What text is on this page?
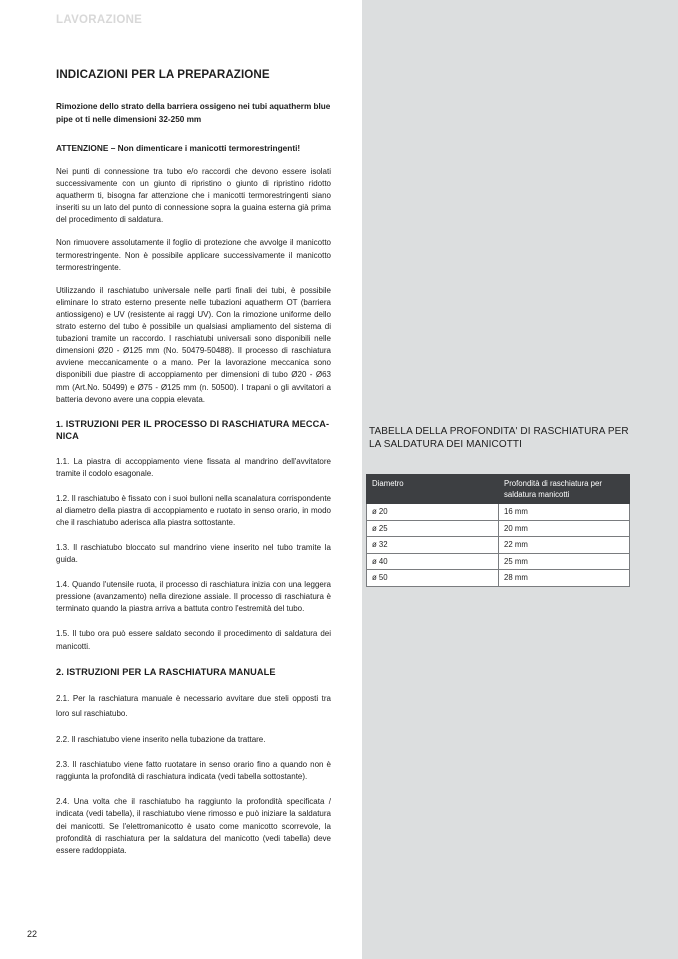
LAVORAZIONE
INDICAZIONI PER LA PREPARAZIONE

Rimozione dello strato della barriera ossigeno nei tubi aquatherm blue pipe ot ti nelle dimensioni 32-250 mm

ATTENZIONE – Non dimenticare i manicotti termorestringenti!

Nei punti di connessione tra tubo e/o raccordi che devono essere isolati successivamente con un giunto di ripristino o giunto di ripristino ridotto aquatherm ti, bisogna far attenzione che i manicotti termorestringenti siano inseriti su un lato del punto di connessione sopra la guaina esterna già prima del procedimento di saldatura.

Non rimuovere assolutamente il foglio di protezione che avvolge il manicotto termorestringente. Non è possibile applicare successivamente il manicotto termorestringente.

Utilizzando il raschiatubo universale nelle parti finali dei tubi, è possibile eliminare lo strato esterno presente nelle tubazioni aquatherm OT (barriera antiossigeno) e UV (resistente ai raggi UV). Con la rimozione uniforme dello strato esterno del tubo è possibile un qualsiasi ampliamento del sistema di tubazioni tramite un raccordo. I raschiatubi universali sono disponibili nelle dimensioni Ø20 - Ø125 mm (No. 50479-50488). Il processo di raschiatura avviene meccanicamente o a mano. Per la lavorazione meccanica sono disponibili due piastre di accoppiamento per dimensioni di tubo Ø20 - Ø63 mm (Art.No. 50499) e Ø75 - Ø125 mm (n. 50500). I trapani o gli avvitatori a batteria devono avere una coppia elevata.

1. ISTRUZIONI PER IL PROCESSO DI RASCHIATURA MECCA-NICA

1.1. La piastra di accoppiamento viene fissata al mandrino dell'avvitatore tramite il codolo esagonale.

1.2. Il raschiatubo è fissato con i suoi bulloni nella scanalatura corrispondente al diametro della piastra di accoppiamento e ruotato in senso orario, in modo che il raschiatubo aderisca alla piastra sottostante.

1.3. Il raschiatubo bloccato sul mandrino viene inserito nel tubo tramite la guida.

1.4. Quando l'utensile ruota, il processo di raschiatura inizia con una leggera pressione (avanzamento) nella direzione assiale. Il processo di raschiatura è terminato quando la piastra arriva a battuta contro l'estremità del tubo.

1.5. Il tubo ora può essere saldato secondo il procedimento di saldatura dei manicotti.

2. ISTRUZIONI PER LA RASCHIATURA MANUALE

2.1. Per la raschiatura manuale è necessario avvitare due steli opposti tra loro sul raschiatubo.

2.2. Il raschiatubo viene inserito nella tubazione da trattare.

2.3. Il raschiatubo viene fatto ruotatare in senso orario fino a quando non è raggiunta la profondità di raschiatura indicata (vedi tabella sottostante).

2.4. Una volta che il raschiatubo ha raggiunto la profondità specificata / indicata (vedi tabella), il raschiatubo viene rimosso e può iniziare la saldatura dei manicotti. Se l'elettromanicotto è usato come manicotto scorrevole, la profondità di raschiatura per la saldatura del manicotto (vedi tabella) deve essere raddoppiata.

TABELLA DELLA PROFONDITA' DI RASCHIATURA PER LA SALDATURA DEI MANICOTTI
Diametro	Profondità di raschiatura per saldatura manicotti
ø 20	16 mm
ø 25	20 mm
ø 32	22 mm
ø 40	25 mm
ø 50	28 mm
22
